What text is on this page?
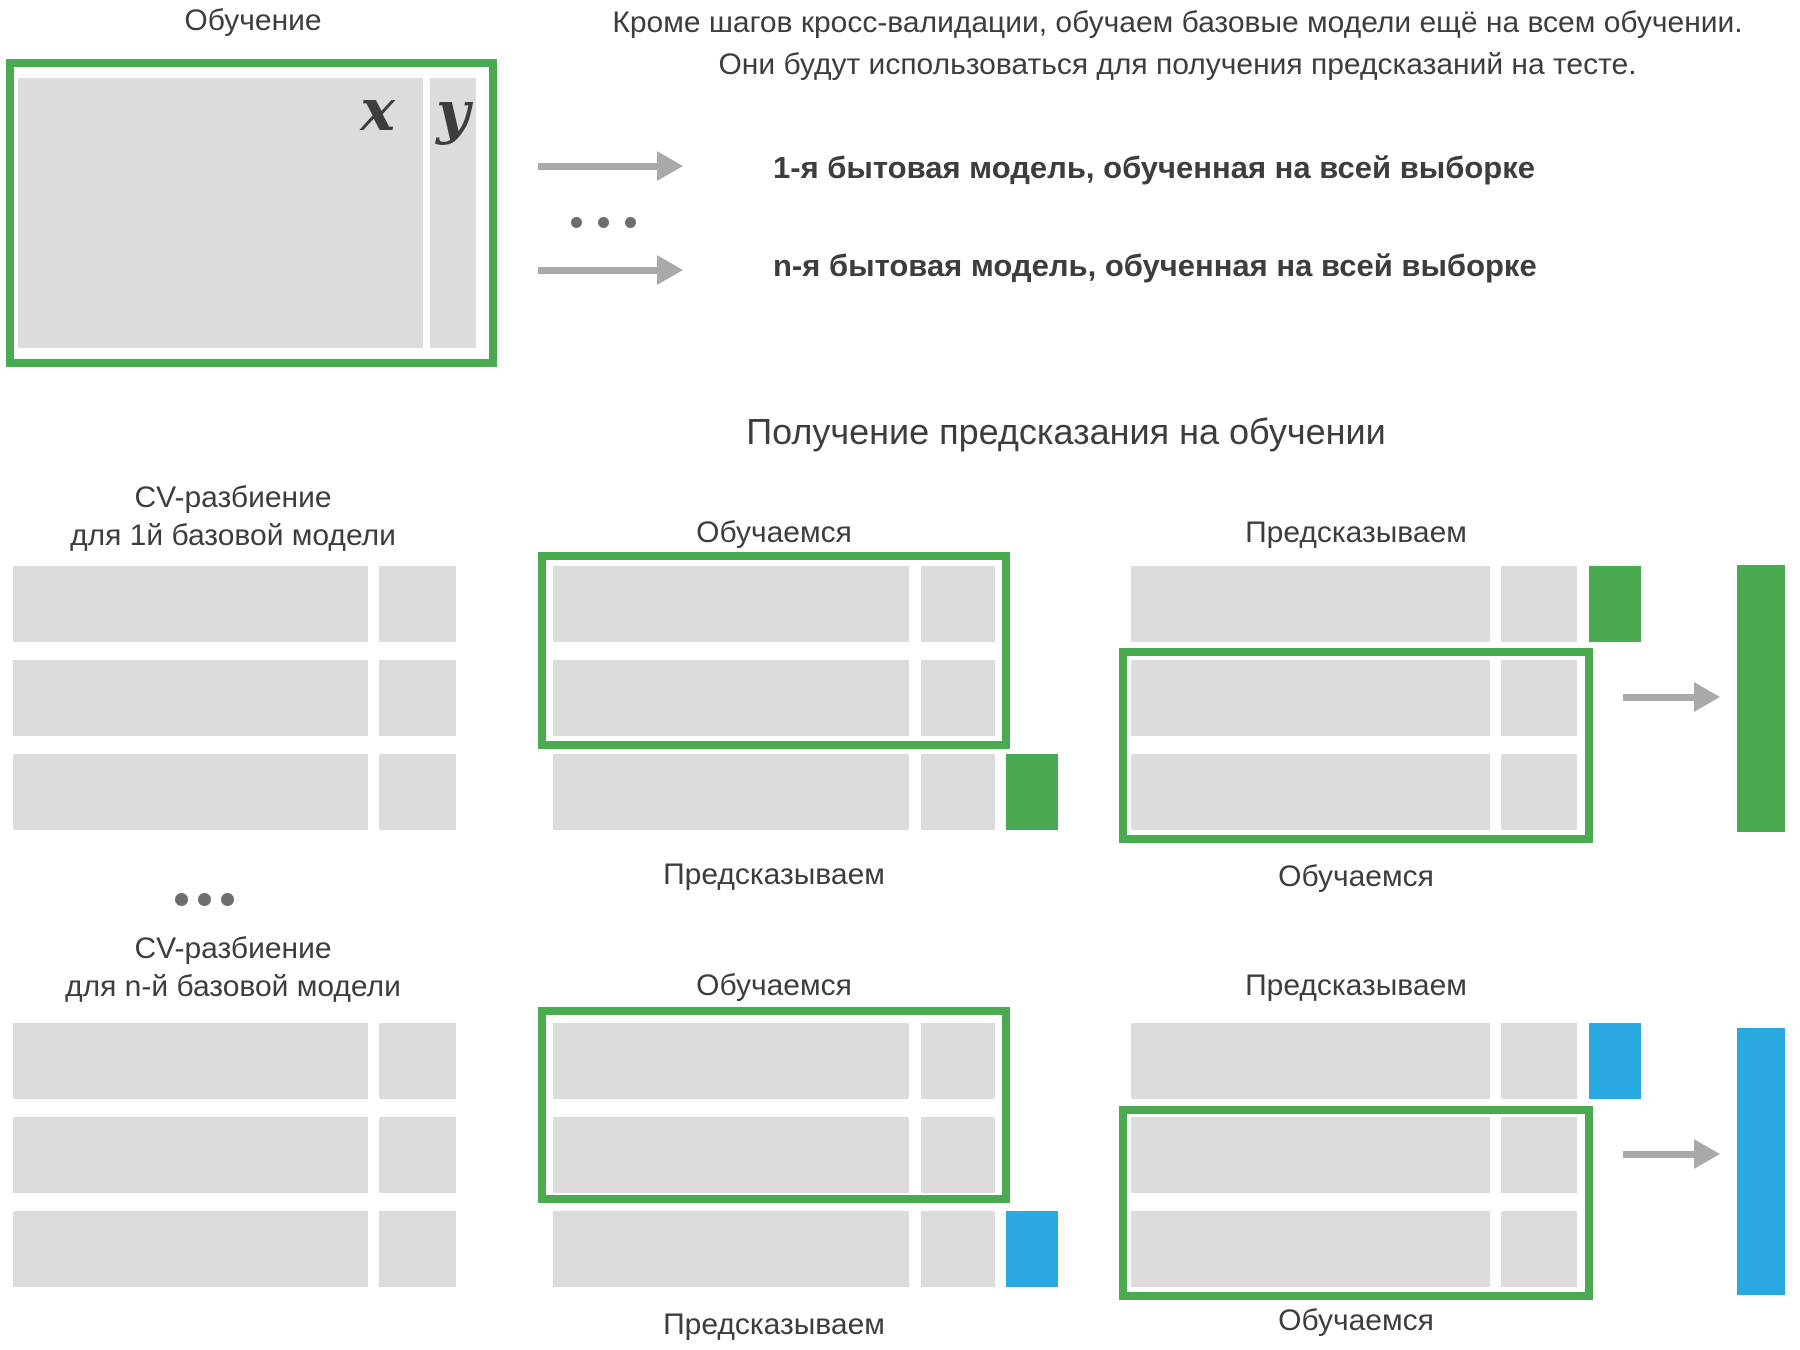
Обучение
x y
Кроме шагов кросс-валидации, обучаем базовые модели ещё на всем обучении.
Они будут использоваться для получения предсказаний на тесте.
1-я бытовая модель, обученная на всей выборке
n-я бытовая модель, обученная на всей выборке
Получение предсказания на обучении
CV-разбиение
для 1й базовой модели	Обучаемся
Предсказываем
Предсказываем
Обучаемся
CV-разбиение
для n-й базовой модели	Обучаемся
Предсказываем
Предсказываем
Обучаемся
